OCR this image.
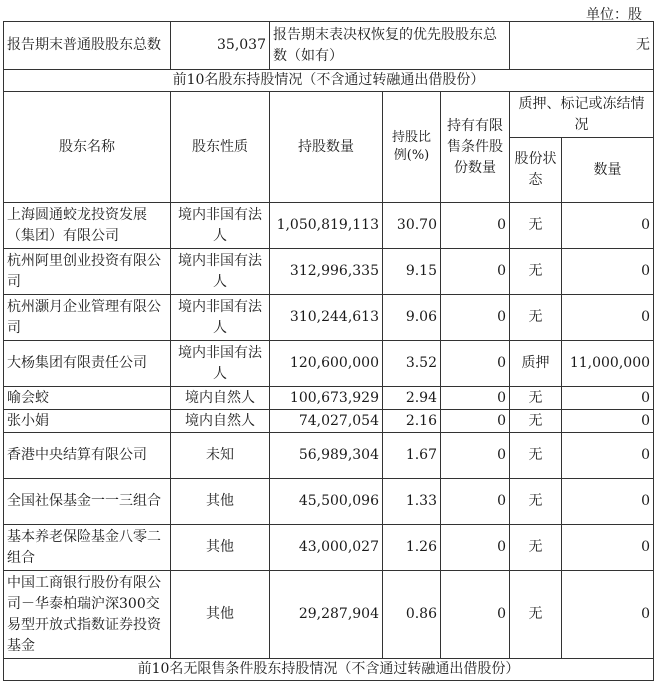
单位：股
报告期末普通股股东总数	35,037	报告期末表决权恢复的优先股股东总数（如有）			无	
前10名股东持股情况（不含通过转融通出借股份）						
股东名称	股东性质	持股数量	持股比例(%)	持有有限售条件股份数量	质押、标记或冻结情况	
					股份状态	数量
上海圆通蛟龙投资发展（集团）有限公司	境内非国有法人	1,050,819,113	30.70	0	无	0
杭州阿里创业投资有限公司	境内非国有法人	312,996,335	9.15	0	无	0
杭州灏月企业管理有限公司	境内非国有法人	310,244,613	9.06	0	无	0
大杨集团有限责任公司	境内非国有法人	120,600,000	3.52	0	质押	11,000,000
喻会蛟	境内自然人	100,673,929	2.94	0	无	0
张小娟	境内自然人	74,027,054	2.16	0	无	0
香港中央结算有限公司	未知	56,989,304	1.67	0	无	0
全国社保基金一一三组合	其他	45,500,096	1.33	0	无	0
基本养老保险基金八零二组合	其他	43,000,027	1.26	0	无	0
中国工商银行股份有限公司－华泰柏瑞沪深300交易型开放式指数证券投资基金	其他	29,287,904	0.86	0	无	0
前10名无限售条件股东持股情况（不含通过转融通出借股份）						
